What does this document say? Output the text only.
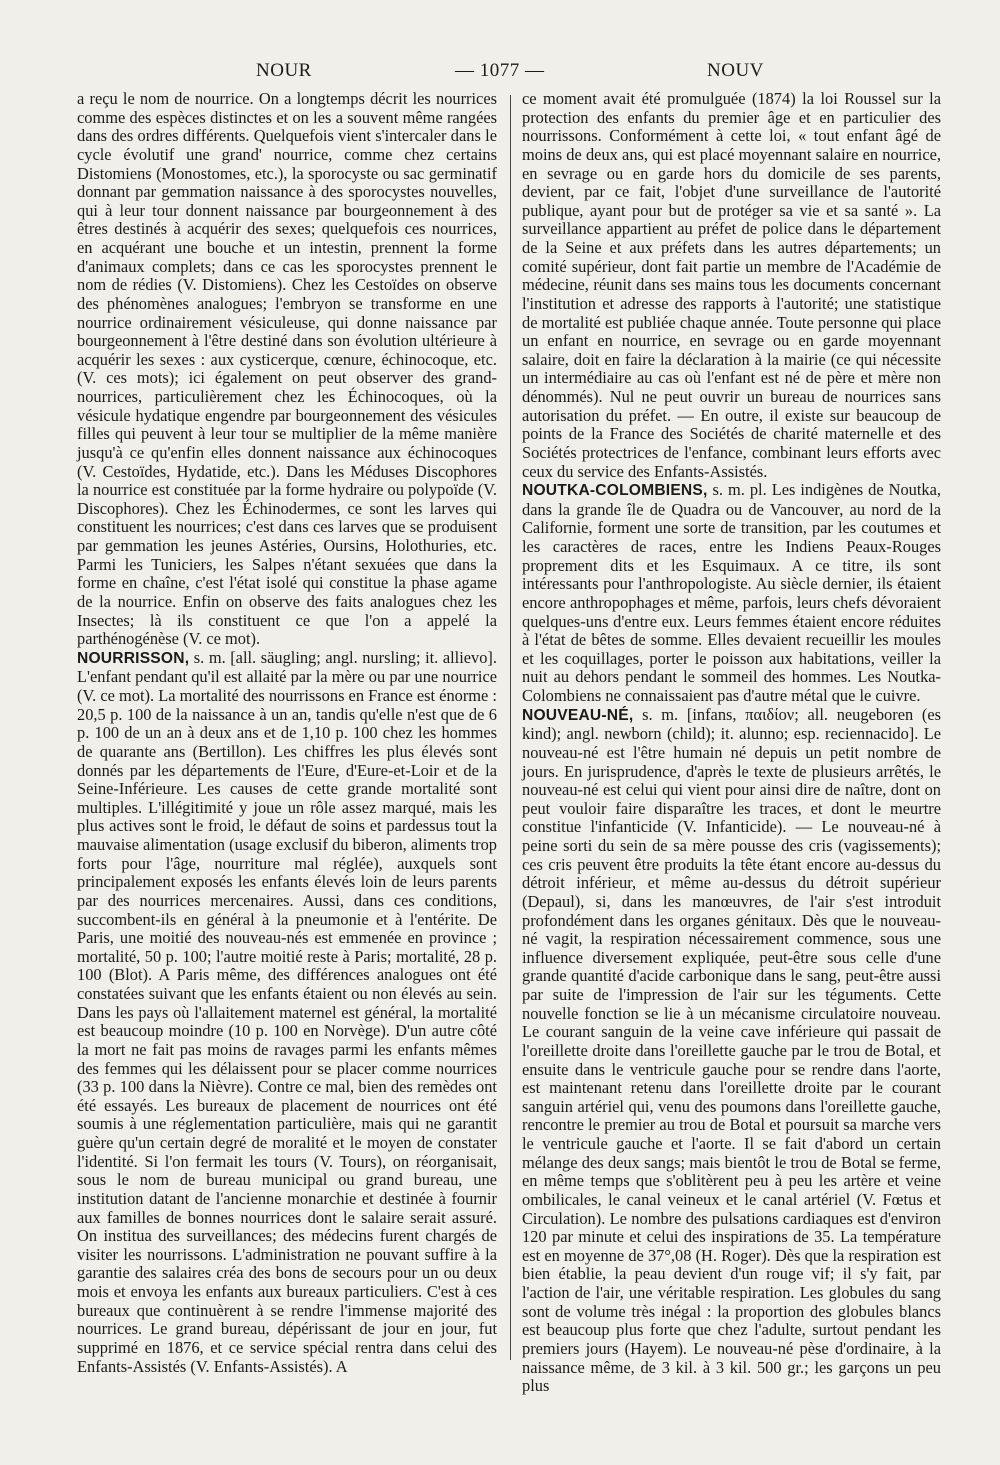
NOUR	— 1077 —	NOUV

a reçu le nom de nourrice. On a longtemps décrit les nourrices comme des espèces distinctes et on les a souvent même rangées dans des ordres différents. Quelquefois vient s'intercaler dans le cycle évolutif une grand' nourrice, comme chez certains Distomiens (Monostomes, etc.), la sporocyste ou sac germinatif donnant par gemmation naissance à des sporocystes nouvelles, qui à leur tour donnent naissance par bourgeonnement à des êtres destinés à acquérir des sexes; quelquefois ces nourrices, en acquérant une bouche et un intestin, prennent la forme d'animaux complets; dans ce cas les sporocystes prennent le nom de rédies (V. Distomiens). Chez les Cestoïdes on observe des phénomènes analogues; l'embryon se transforme en une nourrice ordinairement vésiculeuse, qui donne naissance par bourgeonnement à l'être destiné dans son évolution ultérieure à acquérir les sexes : aux cysticerque, cœnure, échinocoque, etc. (V. ces mots); ici également on peut observer des grand-nourrices, particulièrement chez les Échinocoques, où la vésicule hydatique engendre par bourgeonnement des vésicules filles qui peuvent à leur tour se multiplier de la même manière jusqu'à ce qu'enfin elles donnent naissance aux échinocoques (V. Cestoïdes, Hydatide, etc.). Dans les Méduses Discophores la nourrice est constituée par la forme hydraire ou polypoïde (V. Discophores). Chez les Échinodermes, ce sont les larves qui constituent les nourrices; c'est dans ces larves que se produisent par gemmation les jeunes Astéries, Oursins, Holothuries, etc. Parmi les Tuniciers, les Salpes n'étant sexuées que dans la forme en chaîne, c'est l'état isolé qui constitue la phase agame de la nourrice. Enfin on observe des faits analogues chez les Insectes; là ils constituent ce que l'on a appelé la parthénogénèse (V. ce mot).

NOURRISSON, s. m. [all. säugling; angl. nursling; it. allievo]. L'enfant pendant qu'il est allaité par la mère ou par une nourrice (V. ce mot). La mortalité des nourrissons en France est énorme : 20,5 p. 100 de la naissance à un an, tandis qu'elle n'est que de 6 p. 100 de un an à deux ans et de 1,10 p. 100 chez les hommes de quarante ans (Bertillon). Les chiffres les plus élevés sont donnés par les départements de l'Eure, d'Eure-et-Loir et de la Seine-Inférieure. Les causes de cette grande mortalité sont multiples. L'illégitimité y joue un rôle assez marqué, mais les plus actives sont le froid, le défaut de soins et pardessus tout la mauvaise alimentation (usage exclusif du biberon, aliments trop forts pour l'âge, nourriture mal réglée), auxquels sont principalement exposés les enfants élevés loin de leurs parents par des nourrices mercenaires. Aussi, dans ces conditions, succombent-ils en général à la pneumonie et à l'entérite. De Paris, une moitié des nouveau-nés est emmenée en province ; mortalité, 50 p. 100; l'autre moitié reste à Paris; mortalité, 28 p. 100 (Blot). A Paris même, des différences analogues ont été constatées suivant que les enfants étaient ou non élevés au sein. Dans les pays où l'allaitement maternel est général, la mortalité est beaucoup moindre (10 p. 100 en Norvège). D'un autre côté la mort ne fait pas moins de ravages parmi les enfants mêmes des femmes qui les délaissent pour se placer comme nourrices (33 p. 100 dans la Nièvre). Contre ce mal, bien des remèdes ont été essayés. Les bureaux de placement de nourrices ont été soumis à une réglementation particulière, mais qui ne garantit guère qu'un certain degré de moralité et le moyen de constater l'identité. Si l'on fermait les tours (V. Tours), on réorganisait, sous le nom de bureau municipal ou grand bureau, une institution datant de l'ancienne monarchie et destinée à fournir aux familles de bonnes nourrices dont le salaire serait assuré. On institua des surveillances; des médecins furent chargés de visiter les nourrissons. L'administration ne pouvant suffire à la garantie des salaires créa des bons de secours pour un ou deux mois et envoya les enfants aux bureaux particuliers. C'est à ces bureaux que continuèrent à se rendre l'immense majorité des nourrices. Le grand bureau, dépérissant de jour en jour, fut supprimé en 1876, et ce service spécial rentra dans celui des Enfants-Assistés (V. Enfants-Assistés). A

ce moment avait été promulguée (1874) la loi Roussel sur la protection des enfants du premier âge et en particulier des nourrissons. Conformément à cette loi, « tout enfant âgé de moins de deux ans, qui est placé moyennant salaire en nourrice, en sevrage ou en garde hors du domicile de ses parents, devient, par ce fait, l'objet d'une surveillance de l'autorité publique, ayant pour but de protéger sa vie et sa santé ». La surveillance appartient au préfet de police dans le département de la Seine et aux préfets dans les autres départements; un comité supérieur, dont fait partie un membre de l'Académie de médecine, réunit dans ses mains tous les documents concernant l'institution et adresse des rapports à l'autorité; une statistique de mortalité est publiée chaque année. Toute personne qui place un enfant en nourrice, en sevrage ou en garde moyennant salaire, doit en faire la déclaration à la mairie (ce qui nécessite un intermédiaire au cas où l'enfant est né de père et mère non dénommés). Nul ne peut ouvrir un bureau de nourrices sans autorisation du préfet. — En outre, il existe sur beaucoup de points de la France des Sociétés de charité maternelle et des Sociétés protectrices de l'enfance, combinant leurs efforts avec ceux du service des Enfants-Assistés.

NOUTKA-COLOMBIENS, s. m. pl. Les indigènes de Noutka, dans la grande île de Quadra ou de Vancouver, au nord de la Californie, forment une sorte de transition, par les coutumes et les caractères de races, entre les Indiens Peaux-Rouges proprement dits et les Esquimaux. A ce titre, ils sont intéressants pour l'anthropologiste. Au siècle dernier, ils étaient encore anthropophages et même, parfois, leurs chefs dévoraient quelques-uns d'entre eux. Leurs femmes étaient encore réduites à l'état de bêtes de somme. Elles devaient recueillir les moules et les coquillages, porter le poisson aux habitations, veiller la nuit au dehors pendant le sommeil des hommes. Les Noutka-Colombiens ne connaissaient pas d'autre métal que le cuivre.

NOUVEAU-NÉ, s. m. [infans, παιδίον; all. neugeboren (es kind); angl. newborn (child); it. alunno; esp. reciennacido]. Le nouveau-né est l'être humain né depuis un petit nombre de jours. En jurisprudence, d'après le texte de plusieurs arrêtés, le nouveau-né est celui qui vient pour ainsi dire de naître, dont on peut vouloir faire disparaître les traces, et dont le meurtre constitue l'infanticide (V. Infanticide). — Le nouveau-né à peine sorti du sein de sa mère pousse des cris (vagissements); ces cris peuvent être produits la tête étant encore au-dessus du détroit inférieur, et même au-dessus du détroit supérieur (Depaul), si, dans les manœuvres, de l'air s'est introduit profondément dans les organes génitaux. Dès que le nouveau-né vagit, la respiration nécessairement commence, sous une influence diversement expliquée, peut-être sous celle d'une grande quantité d'acide carbonique dans le sang, peut-être aussi par suite de l'impression de l'air sur les téguments. Cette nouvelle fonction se lie à un mécanisme circulatoire nouveau. Le courant sanguin de la veine cave inférieure qui passait de l'oreillette droite dans l'oreillette gauche par le trou de Botal, et ensuite dans le ventricule gauche pour se rendre dans l'aorte, est maintenant retenu dans l'oreillette droite par le courant sanguin artériel qui, venu des poumons dans l'oreillette gauche, rencontre le premier au trou de Botal et poursuit sa marche vers le ventricule gauche et l'aorte. Il se fait d'abord un certain mélange des deux sangs; mais bientôt le trou de Botal se ferme, en même temps que s'oblitèrent peu à peu les artère et veine ombilicales, le canal veineux et le canal artériel (V. Fœtus et Circulation). Le nombre des pulsations cardiaques est d'environ 120 par minute et celui des inspirations de 35. La température est en moyenne de 37°,08 (H. Roger). Dès que la respiration est bien établie, la peau devient d'un rouge vif; il s'y fait, par l'action de l'air, une véritable respiration. Les globules du sang sont de volume très inégal : la proportion des globules blancs est beaucoup plus forte que chez l'adulte, surtout pendant les premiers jours (Hayem). Le nouveau-né pèse d'ordinaire, à la naissance même, de 3 kil. à 3 kil. 500 gr.; les garçons un peu plus
